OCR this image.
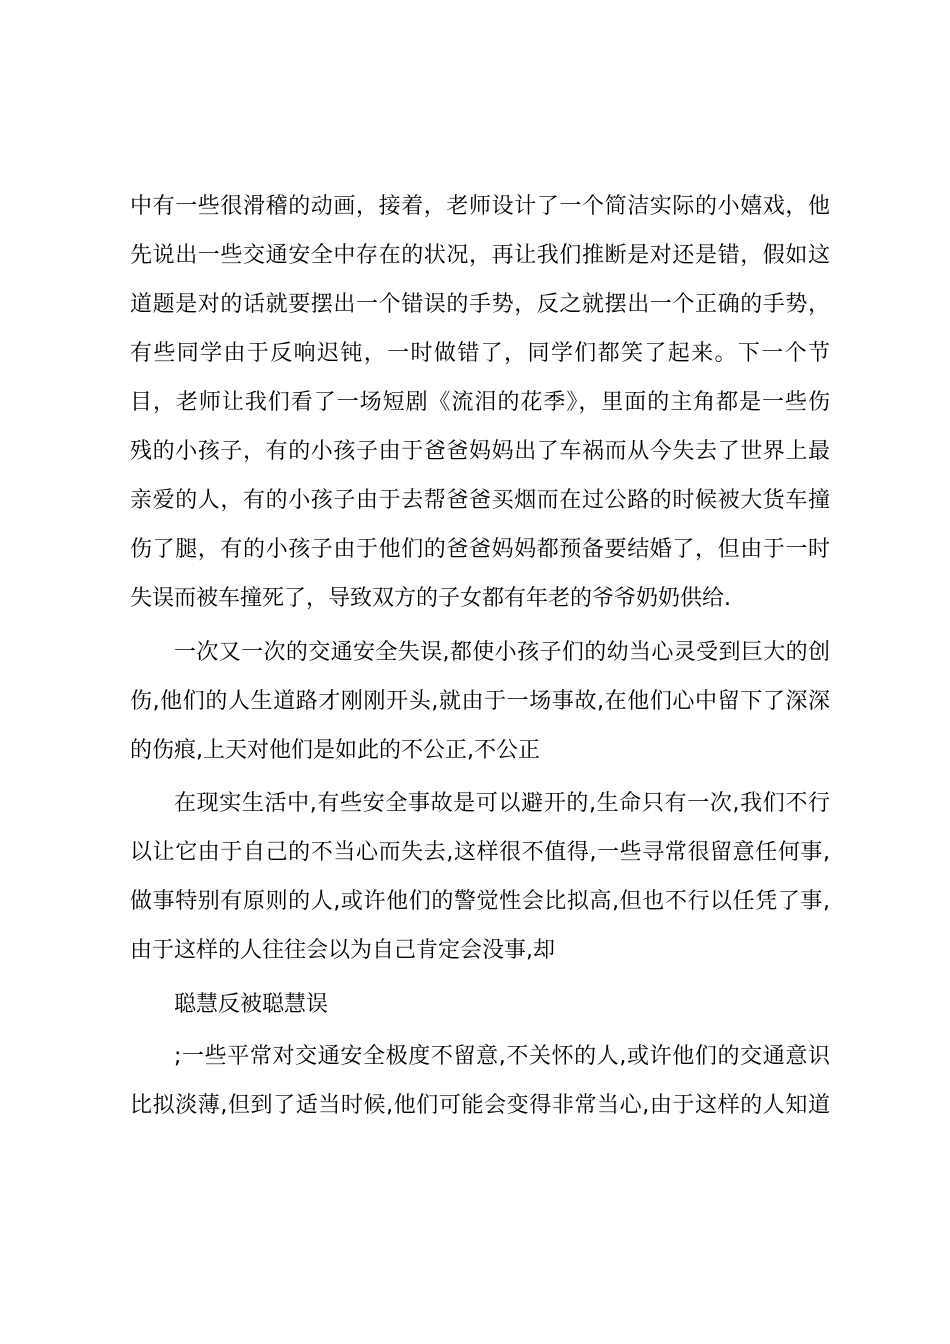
中有一些很滑稽的动画，接着，老师设计了一个简洁实际的小嬉戏，他
先说出一些交通安全中存在的状况，再让我们推断是对还是错，假如这
道题是对的话就要摆出一个错误的手势，反之就摆出一个正确的手势，
有些同学由于反响迟钝，一时做错了，同学们都笑了起来。下一个节
目，老师让我们看了一场短剧《流泪的花季》，里面的主角都是一些伤
残的小孩子，有的小孩子由于爸爸妈妈出了车祸而从今失去了世界上最
亲爱的人，有的小孩子由于去帮爸爸买烟而在过公路的时候被大货车撞
伤了腿，有的小孩子由于他们的爸爸妈妈都预备要结婚了，但由于一时
失误而被车撞死了，导致双方的子女都有年老的爷爷奶奶供给.
一次又一次的交通安全失误,都使小孩子们的幼当心灵受到巨大的创
伤,他们的人生道路才刚刚开头,就由于一场事故,在他们心中留下了深深
的伤痕,上天对他们是如此的不公正,不公正
在现实生活中,有些安全事故是可以避开的,生命只有一次,我们不行
以让它由于自己的不当心而失去,这样很不值得,一些寻常很留意任何事,
做事特别有原则的人,或许他们的警觉性会比拟高,但也不行以任凭了事,
由于这样的人往往会以为自己肯定会没事,却
聪慧反被聪慧误
;一些平常对交通安全极度不留意,不关怀的人,或许他们的交通意识
比拟淡薄,但到了适当时候,他们可能会变得非常当心,由于这样的人知道
